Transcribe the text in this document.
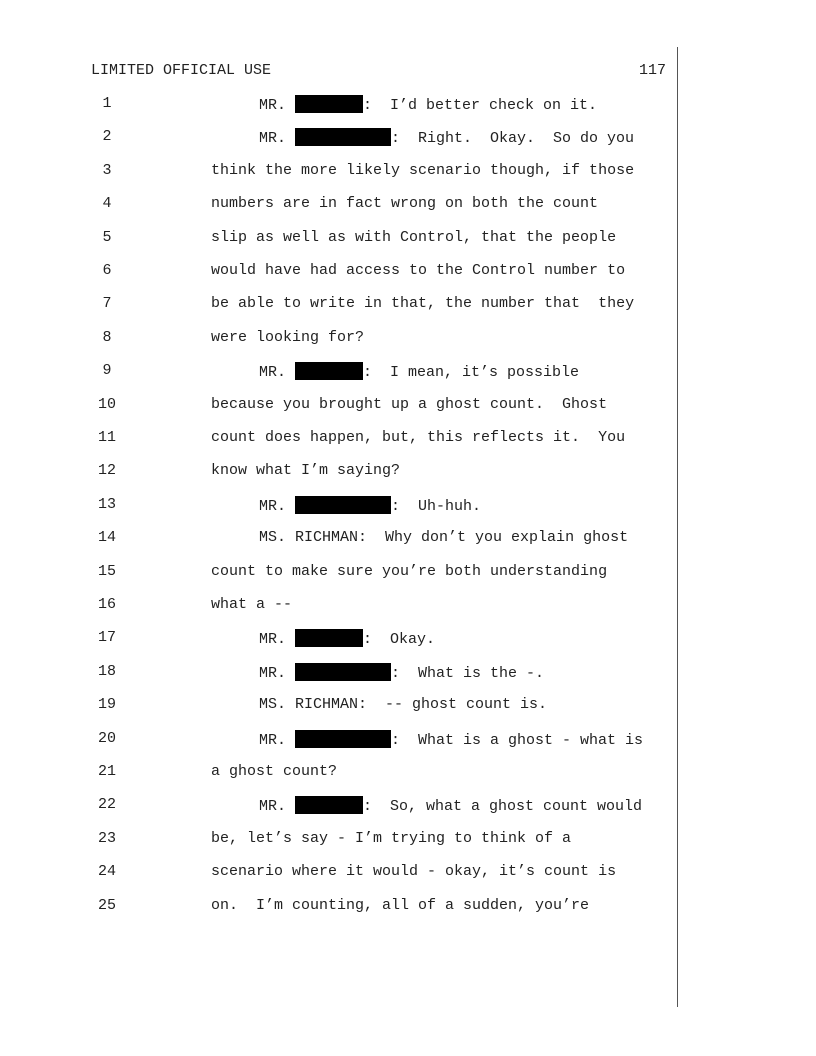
LIMITED OFFICIAL USE	117
1	MR.	:  I’d better check on it.
2	MR.	:  Right.  Okay.  So do you
3	think the more likely scenario though, if those
4	numbers are in fact wrong on both the count
5	slip as well as with Control, that the people
6	would have had access to the Control number to
7	be able to write in that, the number that  they
8	were looking for?
9	MR.	:  I mean, it’s possible
10	because you brought up a ghost count.  Ghost
11	count does happen, but, this reflects it.  You
12	know what I’m saying?
13	MR.	:  Uh-huh.
14	MS. RICHMAN:  Why don’t you explain ghost
15	count to make sure you’re both understanding
16	what a --
17	MR.	:  Okay.
18	MR.	:  What is the -.
19	MS. RICHMAN:  -- ghost count is.
20	MR.	:  What is a ghost - what is
21	a ghost count?
22	MR.	:  So, what a ghost count would
23	be, let’s say - I’m trying to think of a
24	scenario where it would - okay, it’s count is
25	on.  I’m counting, all of a sudden, you’re
